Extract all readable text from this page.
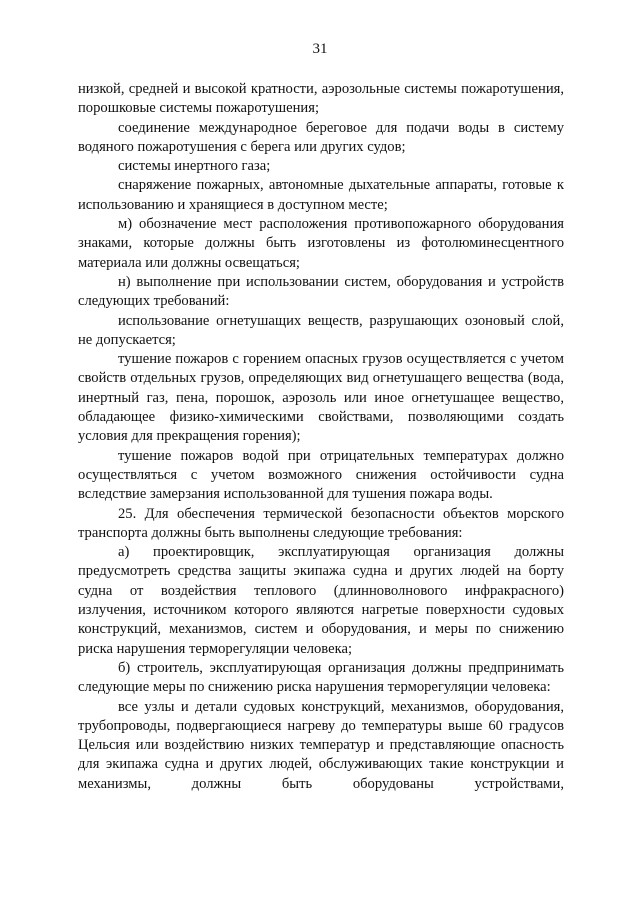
31

низкой, средней и высокой кратности, аэрозольные системы пожаротушения, порошковые системы пожаротушения;

соединение международное береговое для подачи воды в систему водяного пожаротушения с берега или других судов;

системы инертного газа;

снаряжение пожарных, автономные дыхательные аппараты, готовые к использованию и хранящиеся в доступном месте;

м) обозначение мест расположения противопожарного оборудования знаками, которые должны быть изготовлены из фотолюминесцентного материала или должны освещаться;

н) выполнение при использовании систем, оборудования и устройств следующих требований:

использование огнетушащих веществ, разрушающих озоновый слой, не допускается;

тушение пожаров с горением опасных грузов осуществляется с учетом свойств отдельных грузов, определяющих вид огнетушащего вещества (вода, инертный газ, пена, порошок, аэрозоль или иное огнетушащее вещество, обладающее физико-химическими свойствами, позволяющими создать условия для прекращения горения);

тушение пожаров водой при отрицательных температурах должно осуществляться с учетом возможного снижения остойчивости судна вследствие замерзания использованной для тушения пожара воды.

25. Для обеспечения термической безопасности объектов морского транспорта должны быть выполнены следующие требования:

а) проектировщик, эксплуатирующая организация должны предусмотреть средства защиты экипажа судна и других людей на борту судна от воздействия теплового (длинноволнового инфракрасного) излучения, источником которого являются нагретые поверхности судовых конструкций, механизмов, систем и оборудования, и меры по снижению риска нарушения терморегуляции человека;

б) строитель, эксплуатирующая организация должны предпринимать следующие меры по снижению риска нарушения терморегуляции человека:

все узлы и детали судовых конструкций, механизмов, оборудования, трубопроводы, подвергающиеся нагреву до температуры выше 60 градусов Цельсия или воздействию низких температур и представляющие опасность для экипажа судна и других людей, обслуживающих такие конструкции и механизмы, должны быть оборудованы устройствами,
